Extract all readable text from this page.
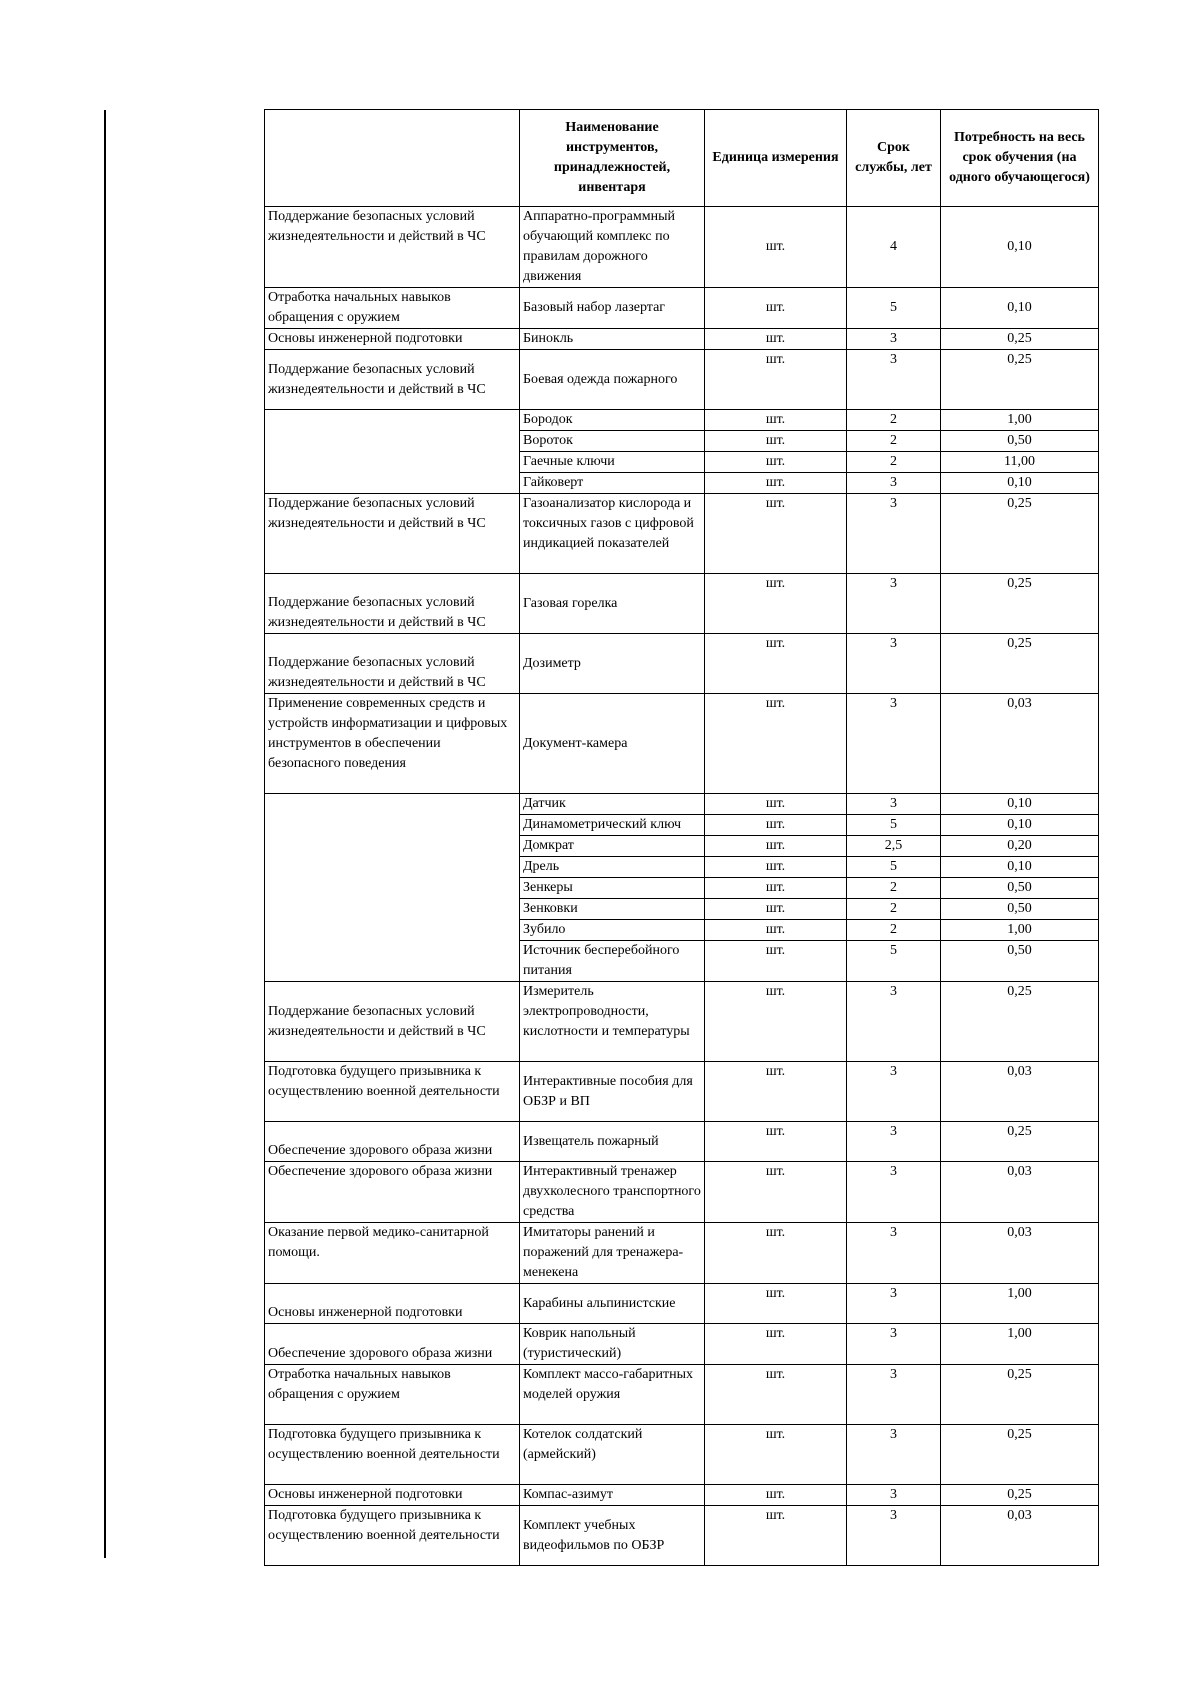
	Наименование инструментов, принадлежностей, инвентаря	Единица измерения	Срок службы, лет	Потребность на весь срок обучения (на одного обучающегося)
Поддержание безопасных условий жизнедеятельности и действий в ЧС	Аппаратно-программный обучающий комплекс по правилам дорожного движения	шт.	4	0,10
Отработка начальных навыков обращения с оружием	Базовый набор лазертаг	шт.	5	0,10
Основы инженерной подготовки	Бинокль	шт.	3	0,25
Поддержание безопасных условий жизнедеятельности и действий в ЧС	Боевая одежда пожарного	шт.	3	0,25
	Бородок	шт.	2	1,00
	Вороток	шт.	2	0,50
	Гаечные ключи	шт.	2	11,00
	Гайковерт	шт.	3	0,10
Поддержание безопасных условий жизнедеятельности и действий в ЧС	Газоанализатор кислорода и токсичных газов с цифровой индикацией показателей	шт.	3	0,25
Поддержание безопасных условий жизнедеятельности и действий в ЧС	Газовая горелка	шт.	3	0,25
Поддержание безопасных условий жизнедеятельности и действий в ЧС	Дозиметр	шт.	3	0,25
Применение современных средств и устройств информатизации и цифровых инструментов в обеспечении безопасного поведения	Документ-камера	шт.	3	0,03
	Датчик	шт.	3	0,10
	Динамометрический ключ	шт.	5	0,10
	Домкрат	шт.	2,5	0,20
	Дрель	шт.	5	0,10
	Зенкеры	шт.	2	0,50
	Зенковки	шт.	2	0,50
	Зубило	шт.	2	1,00
	Источник бесперебойного питания	шт.	5	0,50
Поддержание безопасных условий жизнедеятельности и действий в ЧС	Измеритель электропроводности, кислотности и температуры	шт.	3	0,25
Подготовка будущего призывника к осуществлению военной деятельности	Интерактивные пособия для ОБЗР и ВП	шт.	3	0,03
Обеспечение здорового образа жизни	Извещатель пожарный	шт.	3	0,25
Обеспечение здорового образа жизни	Интерактивный тренажер двухколесного транспортного средства	шт.	3	0,03
Оказание первой медико-санитарной помощи.	Имитаторы ранений и поражений для тренажера-менекена	шт.	3	0,03
Основы инженерной подготовки	Карабины альпинистские	шт.	3	1,00
Обеспечение здорового образа жизни	Коврик напольный (туристический)	шт.	3	1,00
Отработка начальных навыков обращения с оружием	Комплект массо-габаритных моделей оружия	шт.	3	0,25
Подготовка будущего призывника к осуществлению военной деятельности	Котелок солдатский (армейский)	шт.	3	0,25
Основы инженерной подготовки	Компас-азимут	шт.	3	0,25
Подготовка будущего призывника к осуществлению военной деятельности	Комплект учебных видеофильмов по ОБЗР	шт.	3	0,03
